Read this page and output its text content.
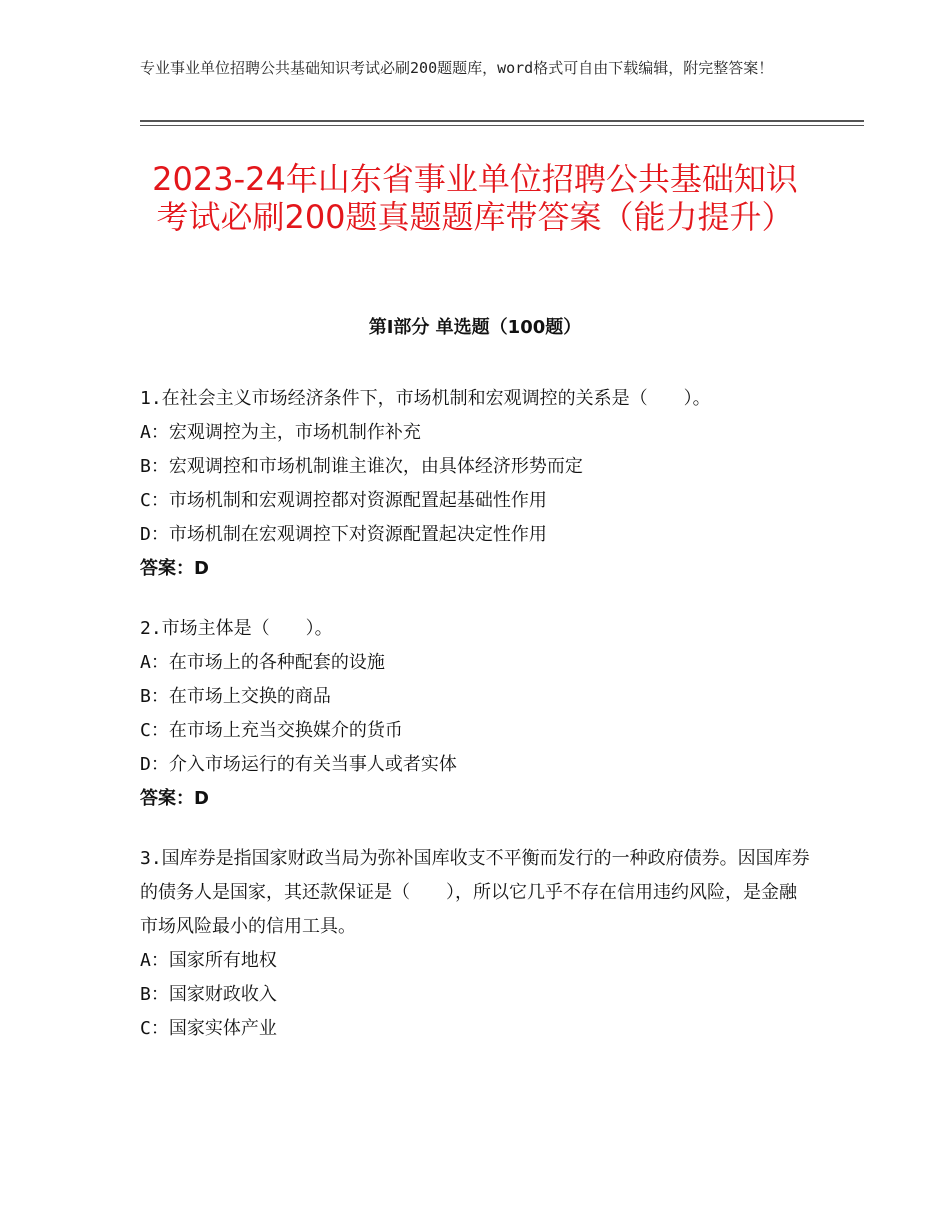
专业事业单位招聘公共基础知识考试必刷200题题库，word格式可自由下载编辑，附完整答案！
2023-24年山东省事业单位招聘公共基础知识考试必刷200题真题题库带答案（能力提升）
第Ⅰ部分 单选题（100题）

1.在社会主义市场经济条件下，市场机制和宏观调控的关系是（　　）。

A：宏观调控为主，市场机制作补充

B：宏观调控和市场机制谁主谁次，由具体经济形势而定

C：市场机制和宏观调控都对资源配置起基础性作用

D：市场机制在宏观调控下对资源配置起决定性作用

答案：D

2.市场主体是（　　）。

A：在市场上的各种配套的设施

B：在市场上交换的商品

C：在市场上充当交换媒介的货币

D：介入市场运行的有关当事人或者实体

答案：D

3.国库券是指国家财政当局为弥补国库收支不平衡而发行的一种政府债券。因国库券的债务人是国家，其还款保证是（　　），所以它几乎不存在信用违约风险，是金融市场风险最小的信用工具。

A：国家所有地权

B：国家财政收入

C：国家实体产业
